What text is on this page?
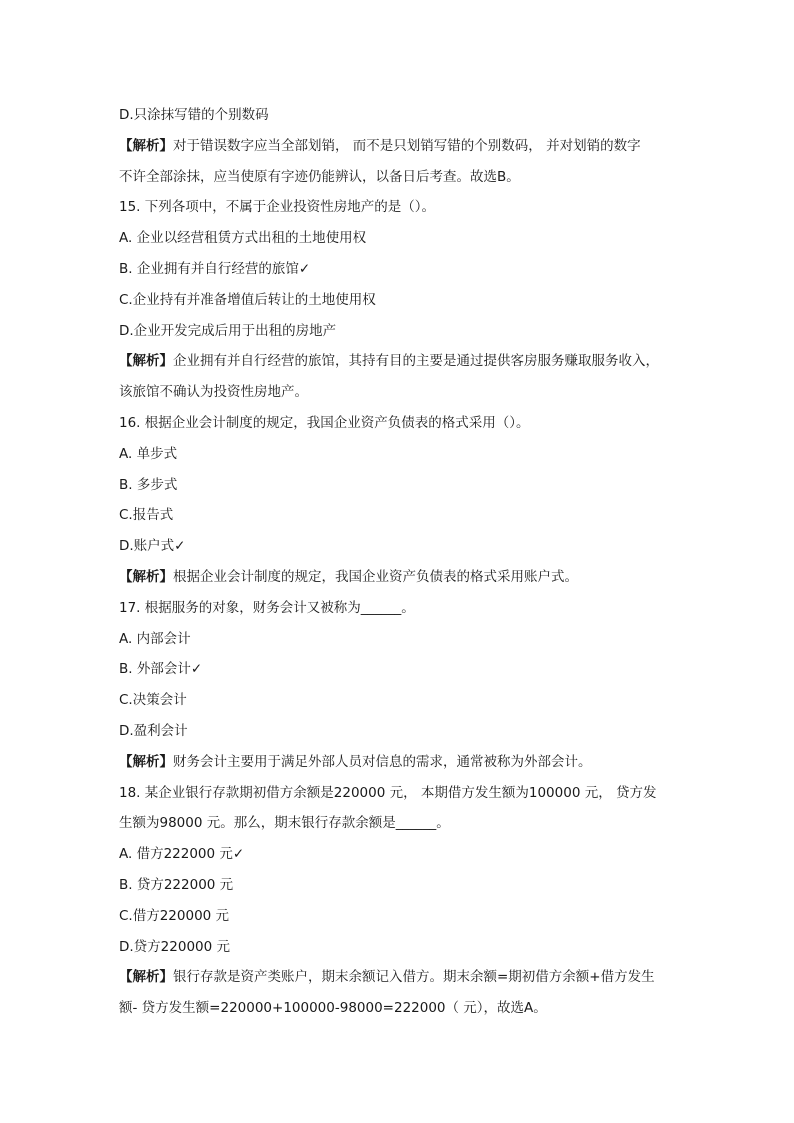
D.只涂抹写错的个别数码
【解析】对于错误数字应当全部划销， 而不是只划销写错的个别数码， 并对划销的数字
不许全部涂抹，应当使原有字迹仍能辨认，以备日后考查。故选B。
15. 下列各项中，不属于企业投资性房地产的是（）。
A. 企业以经营租赁方式出租的土地使用权
B. 企业拥有并自行经营的旅馆✓
C.企业持有并准备增值后转让的土地使用权
D.企业开发完成后用于出租的房地产
【解析】企业拥有并自行经营的旅馆，其持有目的主要是通过提供客房服务赚取服务收入，
该旅馆不确认为投资性房地产。
16. 根据企业会计制度的规定，我国企业资产负债表的格式采用（）。
A. 单步式
B. 多步式
C.报告式
D.账户式✓
【解析】根据企业会计制度的规定，我国企业资产负债表的格式采用账户式。
17. 根据服务的对象，财务会计又被称为______。
A. 内部会计
B. 外部会计✓
C.决策会计
D.盈利会计
【解析】财务会计主要用于满足外部人员对信息的需求，通常被称为外部会计。
18. 某企业银行存款期初借方余额是220000 元， 本期借方发生额为100000 元， 贷方发
生额为98000 元。那么，期末银行存款余额是______。
A. 借方222000 元✓
B. 贷方222000 元
C.借方220000 元
D.贷方220000 元
【解析】银行存款是资产类账户，期末余额记入借方。期末余额=期初借方余额+借方发生
额- 贷方发生额=220000+100000-98000=222000（ 元），故选A。
